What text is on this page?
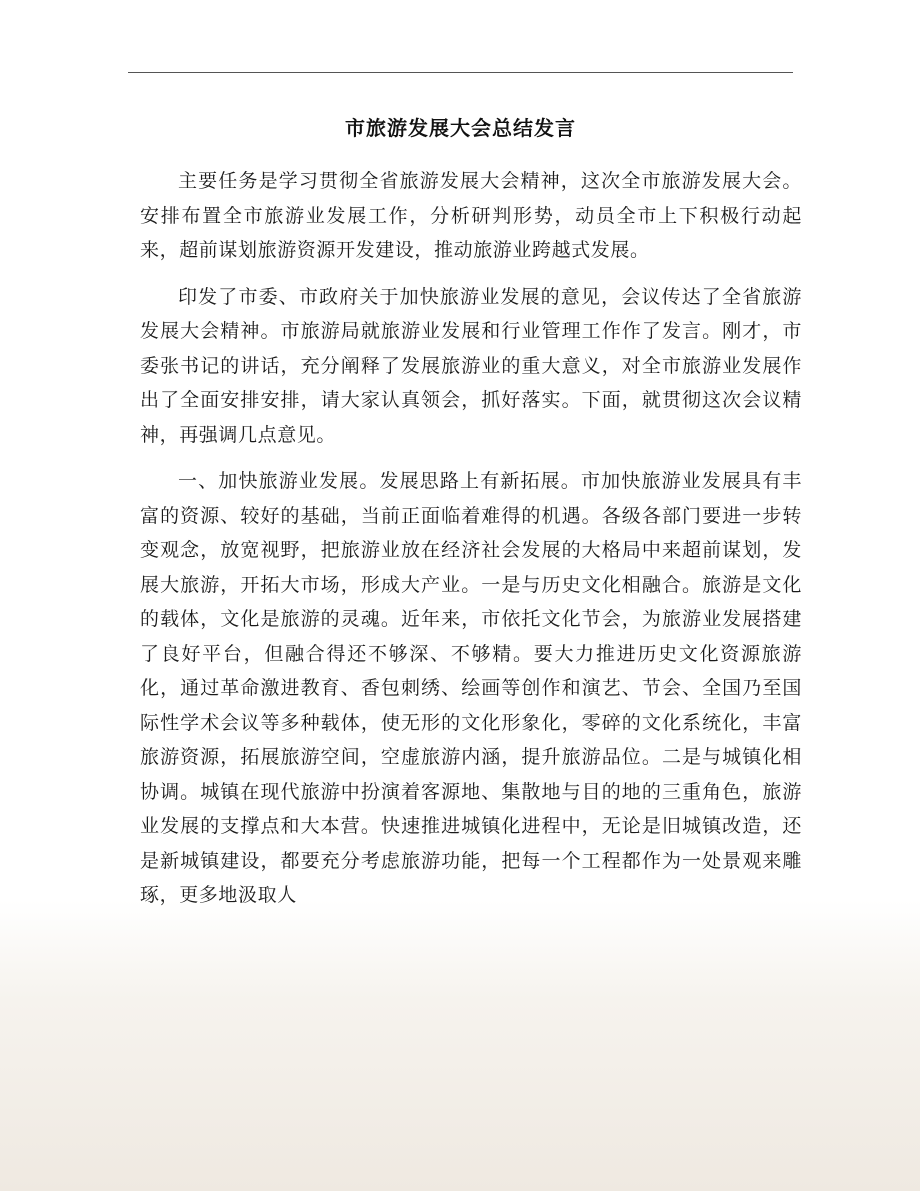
市旅游发展大会总结发言

主要任务是学习贯彻全省旅游发展大会精神，这次全市旅游发展大会。安排布置全市旅游业发展工作，分析研判形势，动员全市上下积极行动起来，超前谋划旅游资源开发建设，推动旅游业跨越式发展。

印发了市委、市政府关于加快旅游业发展的意见，会议传达了全省旅游发展大会精神。市旅游局就旅游业发展和行业管理工作作了发言。刚才，市委张书记的讲话，充分阐释了发展旅游业的重大意义，对全市旅游业发展作出了全面安排安排，请大家认真领会，抓好落实。下面，就贯彻这次会议精神，再强调几点意见。

一、加快旅游业发展。发展思路上有新拓展。市加快旅游业发展具有丰富的资源、较好的基础，当前正面临着难得的机遇。各级各部门要进一步转变观念，放宽视野，把旅游业放在经济社会发展的大格局中来超前谋划，发展大旅游，开拓大市场，形成大产业。一是与历史文化相融合。旅游是文化的载体，文化是旅游的灵魂。近年来，市依托文化节会，为旅游业发展搭建了良好平台，但融合得还不够深、不够精。要大力推进历史文化资源旅游化，通过革命激进教育、香包刺绣、绘画等创作和演艺、节会、全国乃至国际性学术会议等多种载体，使无形的文化形象化，零碎的文化系统化，丰富旅游资源，拓展旅游空间，空虚旅游内涵，提升旅游品位。二是与城镇化相协调。城镇在现代旅游中扮演着客源地、集散地与目的地的三重角色，旅游业发展的支撑点和大本营。快速推进城镇化进程中，无论是旧城镇改造，还是新城镇建设，都要充分考虑旅游功能，把每一个工程都作为一处景观来雕琢，更多地汲取人
